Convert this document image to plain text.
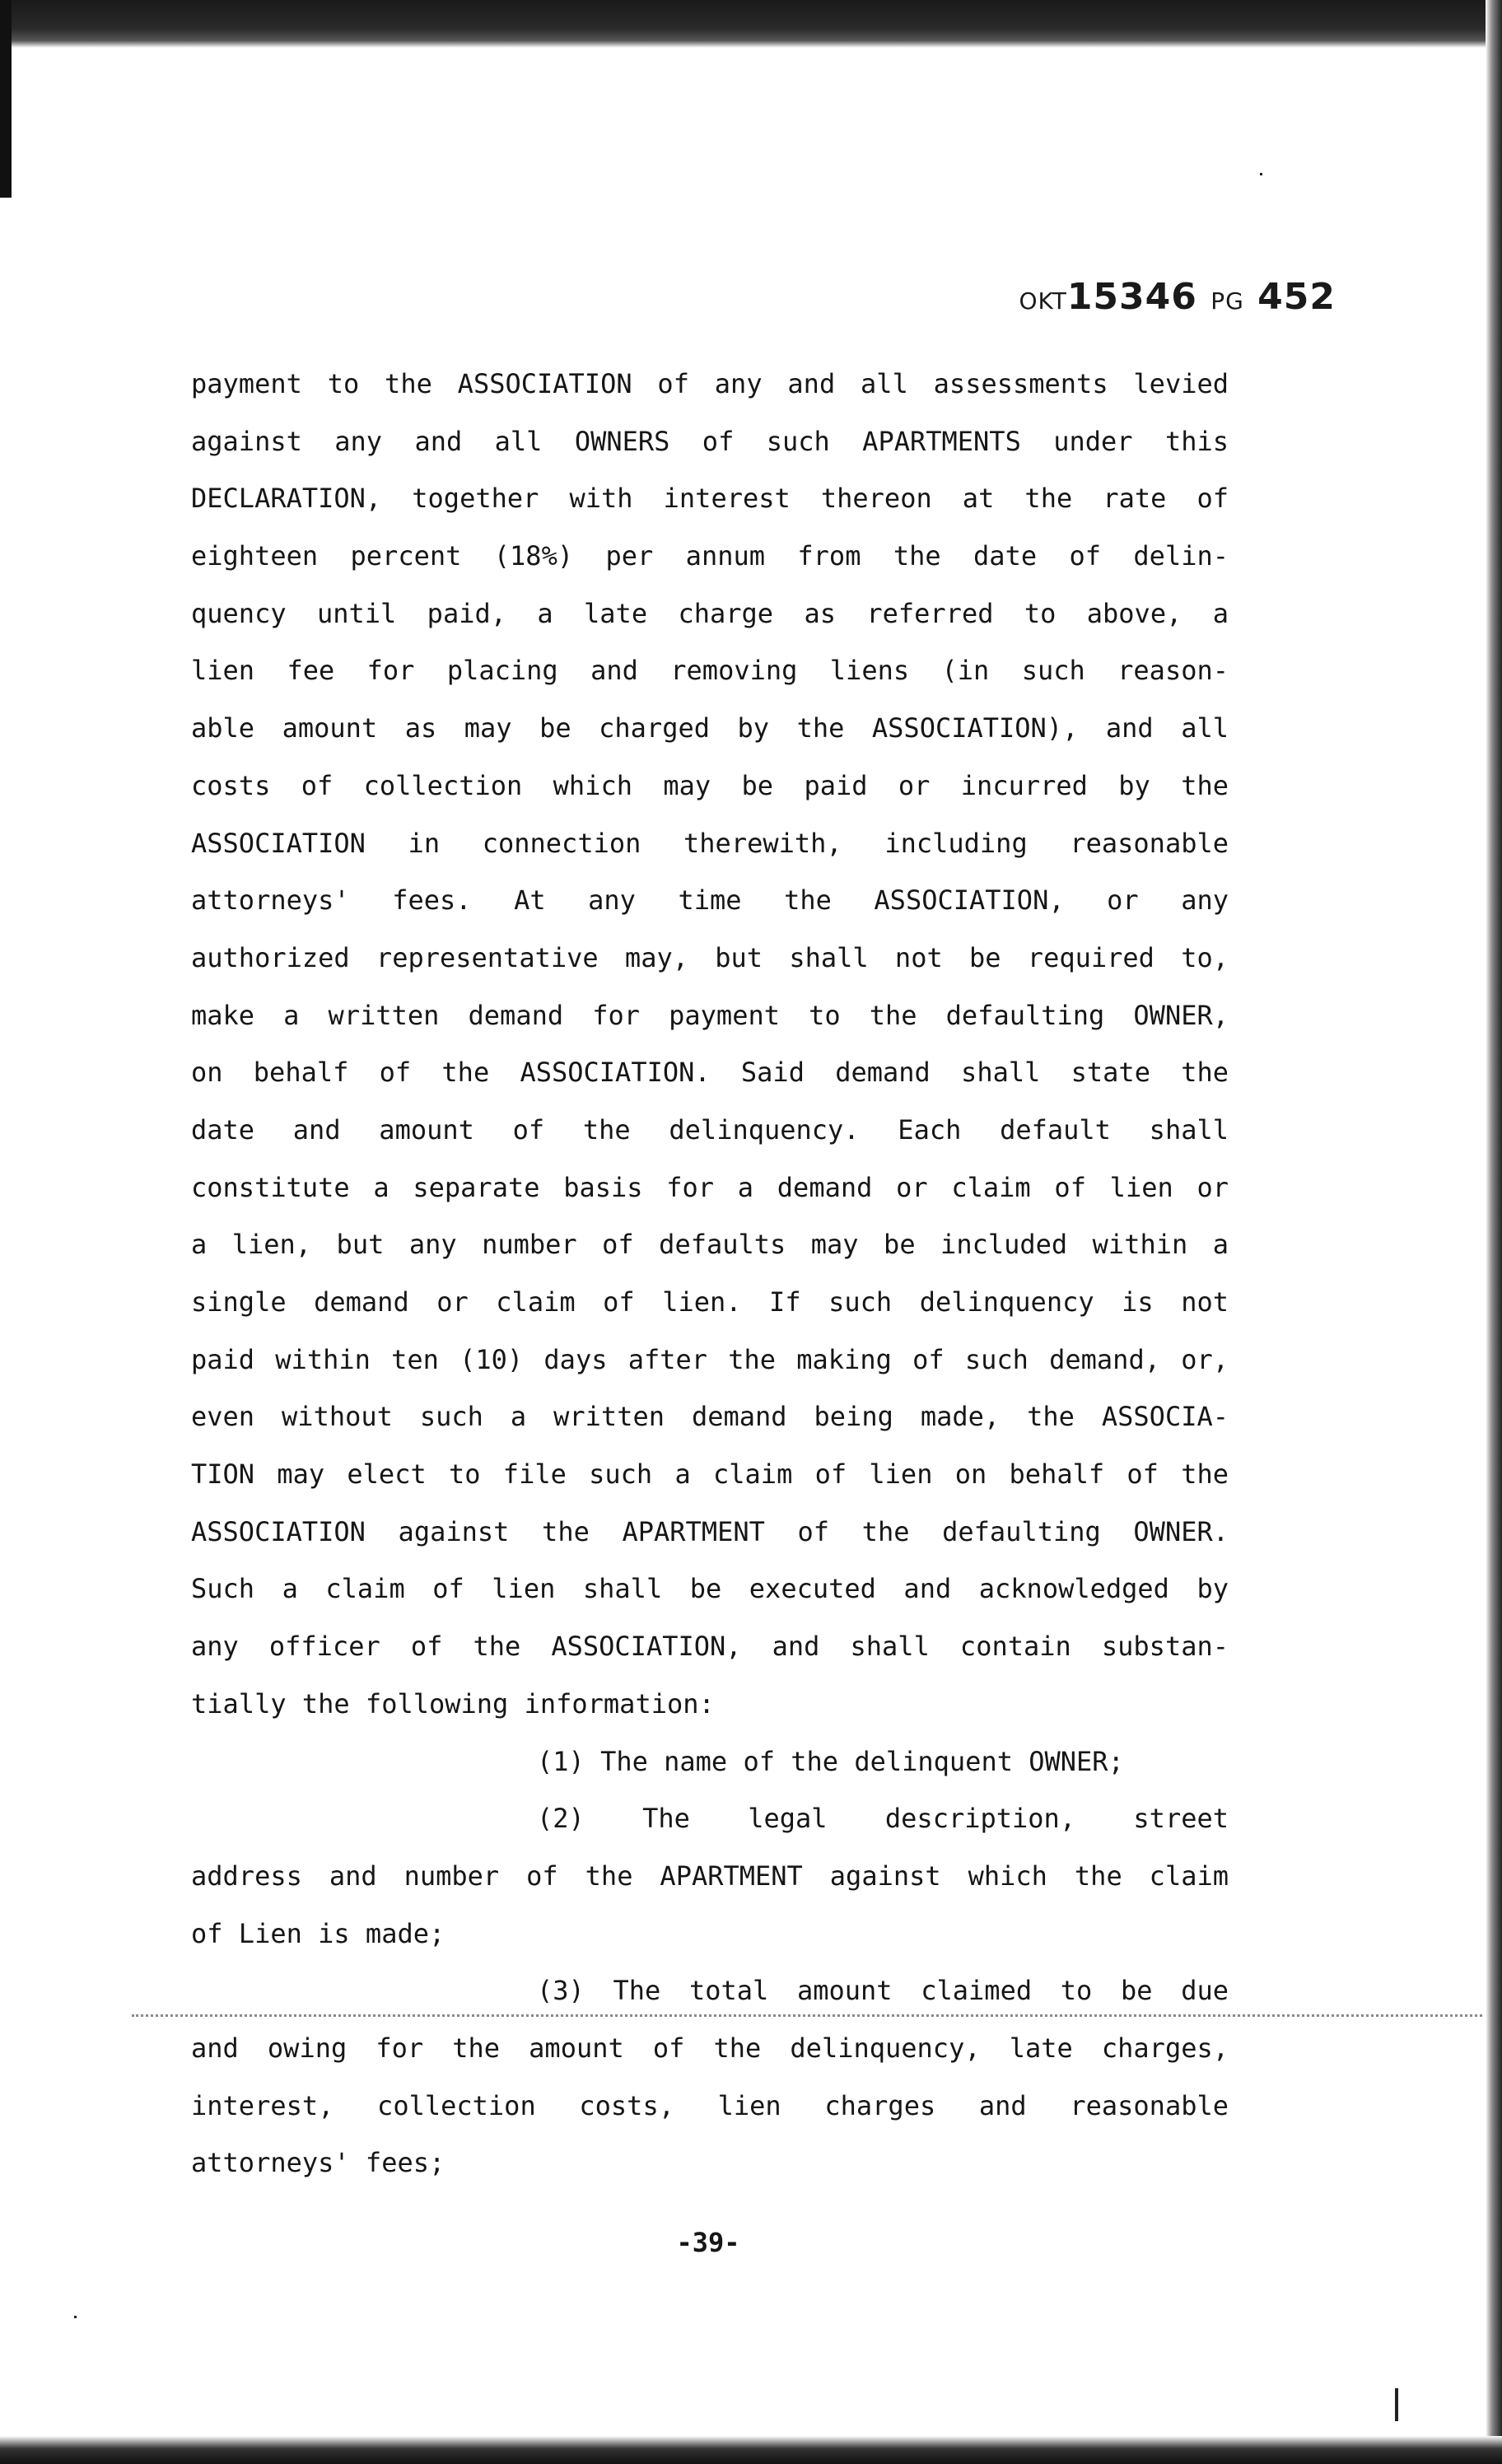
OKT15346 PG 452
payment to the ASSOCIATION of any and all assessments levied
against any and all OWNERS of such APARTMENTS under this
DECLARATION, together with interest thereon at the rate of
eighteen percent (18%) per annum from the date of delin-
quency until paid, a late charge as referred to above, a
lien fee for placing and removing liens (in such reason-
able amount as may be charged by the ASSOCIATION), and all
costs of collection which may be paid or incurred by the
ASSOCIATION in connection therewith, including reasonable
attorneys' fees. At any time the ASSOCIATION, or any
authorized representative may, but shall not be required to,
make a written demand for payment to the defaulting OWNER,
on behalf of the ASSOCIATION. Said demand shall state the
date and amount of the delinquency. Each default shall
constitute a separate basis for a demand or claim of lien or
a lien, but any number of defaults may be included within a
single demand or claim of lien. If such delinquency is not
paid within ten (10) days after the making of such demand, or,
even without such a written demand being made, the ASSOCIA-
TION may elect to file such a claim of lien on behalf of the
ASSOCIATION against the APARTMENT of the defaulting OWNER.
Such a claim of lien shall be executed and acknowledged by
any officer of the ASSOCIATION, and shall contain substan-
tially the following information:
(1) The name of the delinquent OWNER;
(2) The legal description, street
address and number of the APARTMENT against which the claim
of Lien is made;
(3) The total amount claimed to be due
and owing for the amount of the delinquency, late charges,
interest, collection costs, lien charges and reasonable
attorneys' fees;
-39-
